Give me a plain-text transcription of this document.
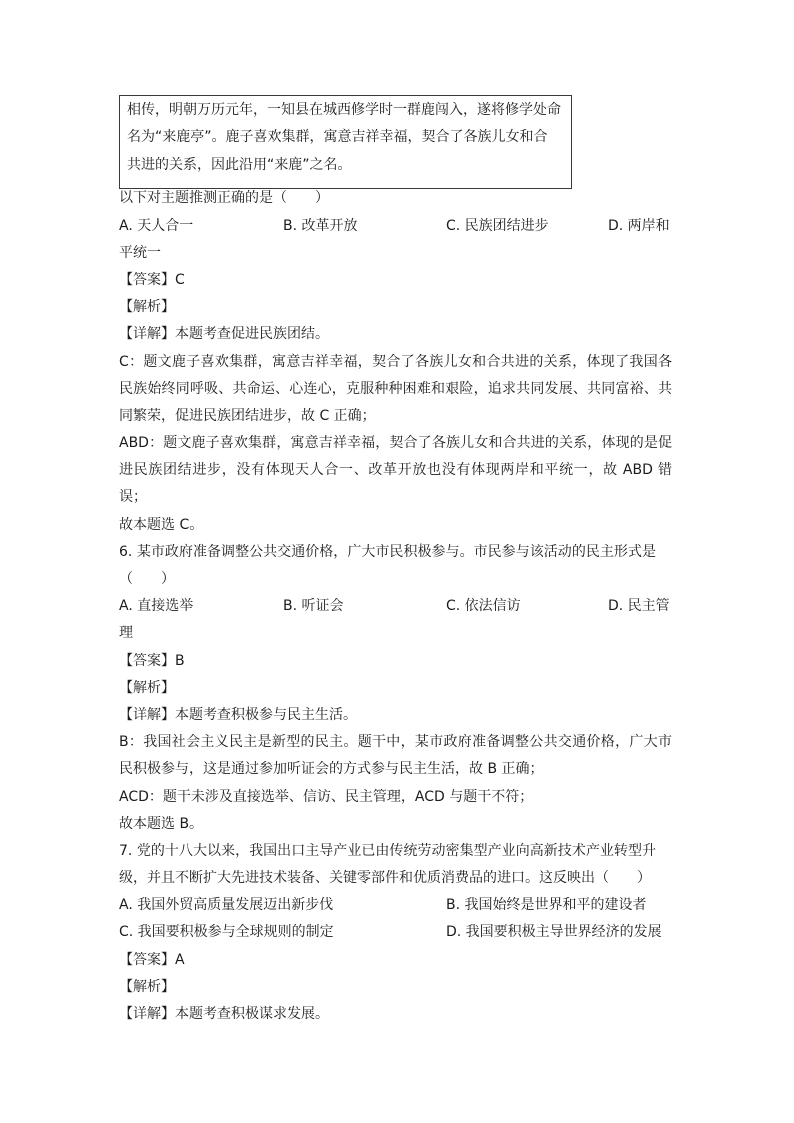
相传，明朝万历元年，一知县在城西修学时一群鹿闯入，遂将修学处命
名为“来鹿亭”。鹿子喜欢集群，寓意吉祥幸福，契合了各族儿女和合
共进的关系，因此沿用“来鹿”之名。
以下对主题推测正确的是（　　）
A. 天人合一	B. 改革开放	C. 民族团结进步	D. 两岸和
平统一
【答案】C
【解析】
【详解】本题考查促进民族团结。
C：题文鹿子喜欢集群，寓意吉祥幸福，契合了各族儿女和合共进的关系，体现了我国各
民族始终同呼吸、共命运、心连心，克服种种困难和艰险，追求共同发展、共同富裕、共
同繁荣，促进民族团结进步，故 C 正确；
ABD：题文鹿子喜欢集群，寓意吉祥幸福，契合了各族儿女和合共进的关系，体现的是促
进民族团结进步，没有体现天人合一、改革开放也没有体现两岸和平统一，故 ABD 错
误；
故本题选 C。
6. 某市政府准备调整公共交通价格，广大市民积极参与。市民参与该活动的民主形式是
（　　）
A. 直接选举	B. 听证会	C. 依法信访	D. 民主管
理
【答案】B
【解析】
【详解】本题考查积极参与民主生活。
B：我国社会主义民主是新型的民主。题干中，某市政府准备调整公共交通价格，广大市
民积极参与，这是通过参加听证会的方式参与民主生活，故 B 正确；
ACD：题干未涉及直接选举、信访、民主管理，ACD 与题干不符；
故本题选 B。
7. 党的十八大以来，我国出口主导产业已由传统劳动密集型产业向高新技术产业转型升
级，并且不断扩大先进技术装备、关键零部件和优质消费品的进口。这反映出（　　）
A. 我国外贸高质量发展迈出新步伐	B. 我国始终是世界和平的建设者
C. 我国要积极参与全球规则的制定	D. 我国要积极主导世界经济的发展
【答案】A
【解析】
【详解】本题考查积极谋求发展。
